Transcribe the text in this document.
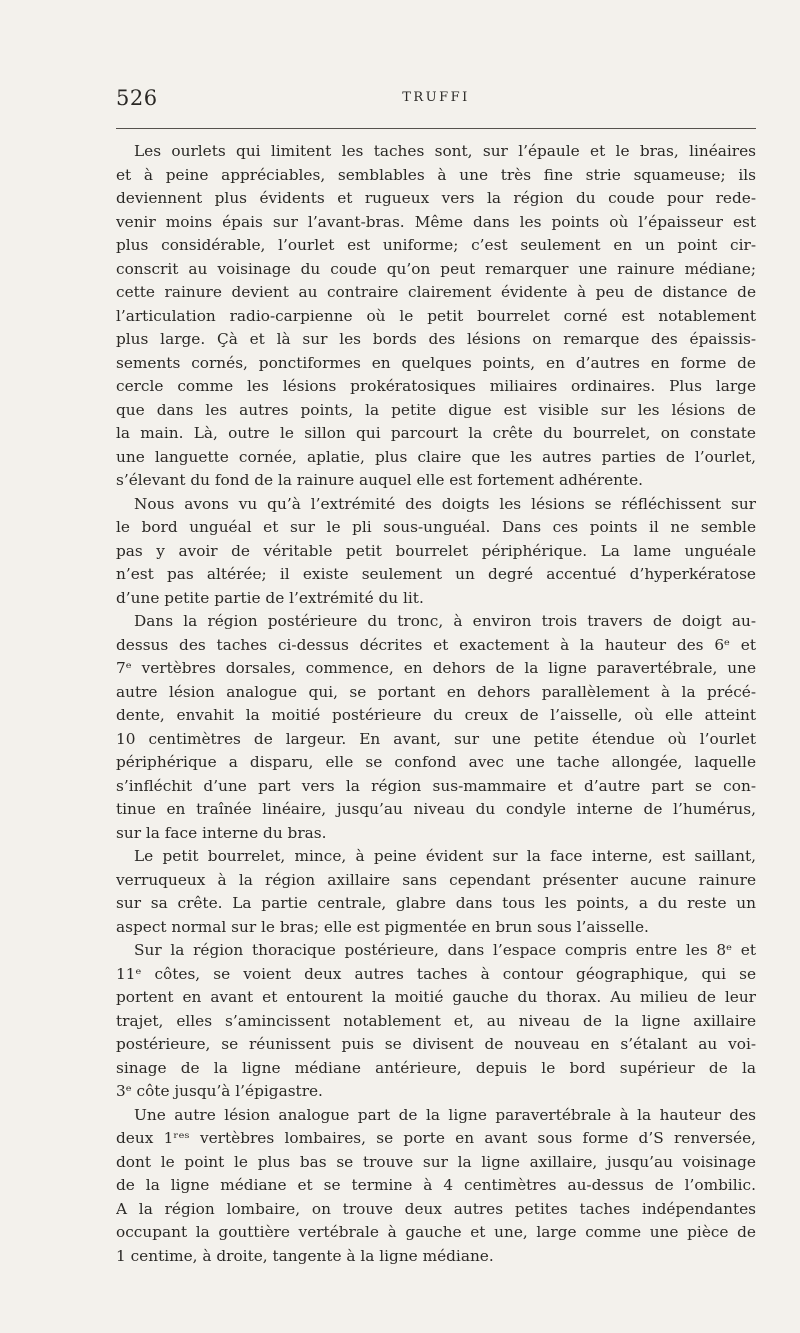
526	TRUFFI
Les ourlets qui limitent les taches sont, sur l’épaule et le bras, linéaires
et à peine appréciables, semblables à une très fine strie squameuse; ils
deviennent plus évidents et rugueux vers la région du coude pour rede-
venir moins épais sur l’avant-bras. Même dans les points où l’épaisseur est
plus considérable, l’ourlet est uniforme; c’est seulement en un point cir-
conscrit au voisinage du coude qu’on peut remarquer une rainure médiane;
cette rainure devient au contraire clairement évidente à peu de distance de
l’articulation radio-carpienne où le petit bourrelet corné est notablement
plus large. Çà et là sur les bords des lésions on remarque des épaissis-
sements cornés, ponctiformes en quelques points, en d’autres en forme de
cercle comme les lésions prokératosiques miliaires ordinaires. Plus large
que dans les autres points, la petite digue est visible sur les lésions de
la main. Là, outre le sillon qui parcourt la crête du bourrelet, on constate
une languette cornée, aplatie, plus claire que les autres parties de l’ourlet,
s’élevant du fond de la rainure auquel elle est fortement adhérente.
Nous avons vu qu’à l’extrémité des doigts les lésions se réfléchissent sur
le bord unguéal et sur le pli sous-unguéal. Dans ces points il ne semble
pas y avoir de véritable petit bourrelet périphérique. La lame unguéale
n’est pas altérée; il existe seulement un degré accentué d’hyperkératose
d’une petite partie de l’extrémité du lit.
Dans la région postérieure du tronc, à environ trois travers de doigt au-
dessus des taches ci-dessus décrites et exactement à la hauteur des 6ᵉ et
7ᵉ vertèbres dorsales, commence, en dehors de la ligne paravertébrale, une
autre lésion analogue qui, se portant en dehors parallèlement à la précé-
dente, envahit la moitié postérieure du creux de l’aisselle, où elle atteint
10 centimètres de largeur. En avant, sur une petite étendue où l’ourlet
périphérique a disparu, elle se confond avec une tache allongée, laquelle
s’infléchit d’une part vers la région sus-mammaire et d’autre part se con-
tinue en traînée linéaire, jusqu’au niveau du condyle interne de l’humérus,
sur la face interne du bras.
Le petit bourrelet, mince, à peine évident sur la face interne, est saillant,
verruqueux à la région axillaire sans cependant présenter aucune rainure
sur sa crête. La partie centrale, glabre dans tous les points, a du reste un
aspect normal sur le bras; elle est pigmentée en brun sous l’aisselle.
Sur la région thoracique postérieure, dans l’espace compris entre les 8ᵉ et
11ᵉ côtes, se voient deux autres taches à contour géographique, qui se
portent en avant et entourent la moitié gauche du thorax. Au milieu de leur
trajet, elles s’amincissent notablement et, au niveau de la ligne axillaire
postérieure, se réunissent puis se divisent de nouveau en s’étalant au voi-
sinage de la ligne médiane antérieure, depuis le bord supérieur de la
3ᵉ côte jusqu’à l’épigastre.
Une autre lésion analogue part de la ligne paravertébrale à la hauteur des
deux 1ʳᵉˢ vertèbres lombaires, se porte en avant sous forme d’S renversée,
dont le point le plus bas se trouve sur la ligne axillaire, jusqu’au voisinage
de la ligne médiane et se termine à 4 centimètres au-dessus de l’ombilic.
A la région lombaire, on trouve deux autres petites taches indépendantes
occupant la gouttière vertébrale à gauche et une, large comme une pièce de
1 centime, à droite, tangente à la ligne médiane.
